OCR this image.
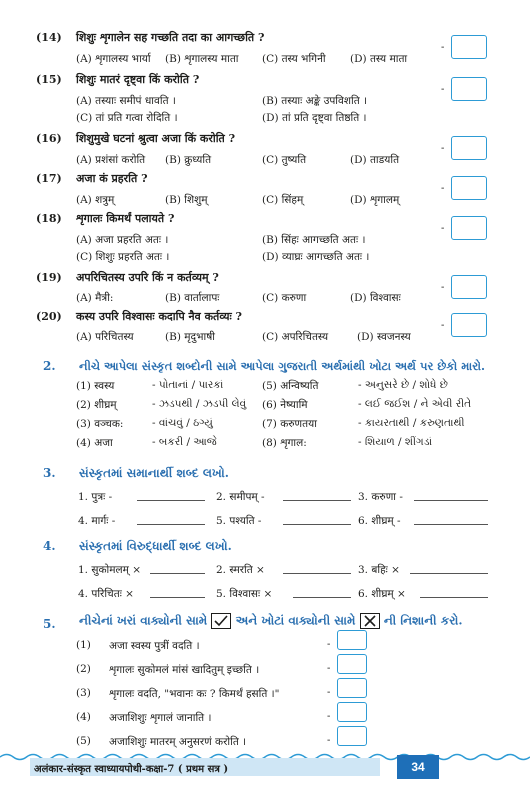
(14) शिशुः शृगालेन सह गच्छति तदा का आगच्छति ?
(A) शृगालस्य भार्या (B) शृगालस्य माता (C) तस्य भगिनी (D) तस्य माता
-
(15) शिशुः मातरं दृष्ट्वा किं करोति ?
(A) तस्याः समीपं धावति ।	(B) तस्याः अङ्के उपविशति ।
(C) तां प्रति गत्वा रोदिति ।	(D) तां प्रति दृष्ट्वा तिष्ठति ।
-
(16) शिशुमुखे घटनां श्रुत्वा अजा किं करोति ?
(A) प्रशंसां करोति (B) क्रुध्यति	(C) तुष्यति	(D) ताडयति
-
(17) अजा कं प्रहरति ?
(A) शत्रुम्	(B) शिशुम्	(C) सिंहम्	(D) शृगालम्
-
(18) शृगालः किमर्थं पलायते ?
(A) अजा प्रहरति अतः ।	(B) सिंहः आगच्छति अतः ।
(C) शिशुः प्रहरति अतः ।	(D) व्याघ्रः आगच्छति अतः ।
-
(19) अपरिचितस्य उपरि किं न कर्तव्यम् ?
(A) मैत्री:	(B) वार्तालापः	(C) करुणा	(D) विश्वासः
-
(20) कस्य उपरि विश्वासः कदापि नैव कर्तव्यः ?
(A) परिचितस्य	(B) मृदुभाषी	(C) अपरिचितस्य	(D) स्वजनस्य
-
2. નીચે આપેલા સંસ્કૃત શબ્દોની સામે આપેલા ગુજરાતી અર્થમાંથી ખોટા અર્થ પર છેકો મારો.
(1) स्वस्य	- પોતાનાં / પારકાં	(5) अन्विष्यति	- અનુસરે છે / શોધે છે
(2) शीघ्रम्	- ઝડપથી / ઝડપી લેવું (6) नेष्यामि	- લઈ જઈશ / ને એવી રીતે
(3) वञ्चक:	- વાંચવું / ઠગ્યું	(7) करुणतया	- કાયરતાથી / કરુણતાથી
(4) अजा	- બકરી / આજે	(8) शृगाल:	- શિયાળ / શીંગડાં
3. સંસ્કૃતમાં સમાનાર્થી શબ્દ લખો.
1. पुत्रः -	2. समीपम् -	3. करुणा -
4. मार्गः -	5. पश्यति -	6. शीघ्रम् -
4. સંસ્કૃતમાં વિરુદ્ધાર્થી શબ્દ લખો.
1. सुकोमलम् ×	2. स्मरति ×	3. बहिः ×
4. परिचितः ×	5. विश्वासः ×	6. शीघ्रम् ×
5. નીચેનાં ખરાં વાક્યોની સામે અને ખોટાં વાક્યોની સામે ની નિશાની કરો.
(1) अजा स्वस्य पुत्रीं वदति ।	-
(2) शृगालः सुकोमलं मांसं खादितुम् इच्छति ।	-
(3) शृगालः वदति, "भवानः कः ? किमर्थं हसति ।"	-
(4) अजाशिशुः शृगालं जानाति ।	-
(5) अजाशिशुः मातरम् अनुसरणं करोति ।	-
अलंकार-संस्कृत स्वाध्यायपोथी-कक्षा-7 ( प्रथम सत्र )	34
